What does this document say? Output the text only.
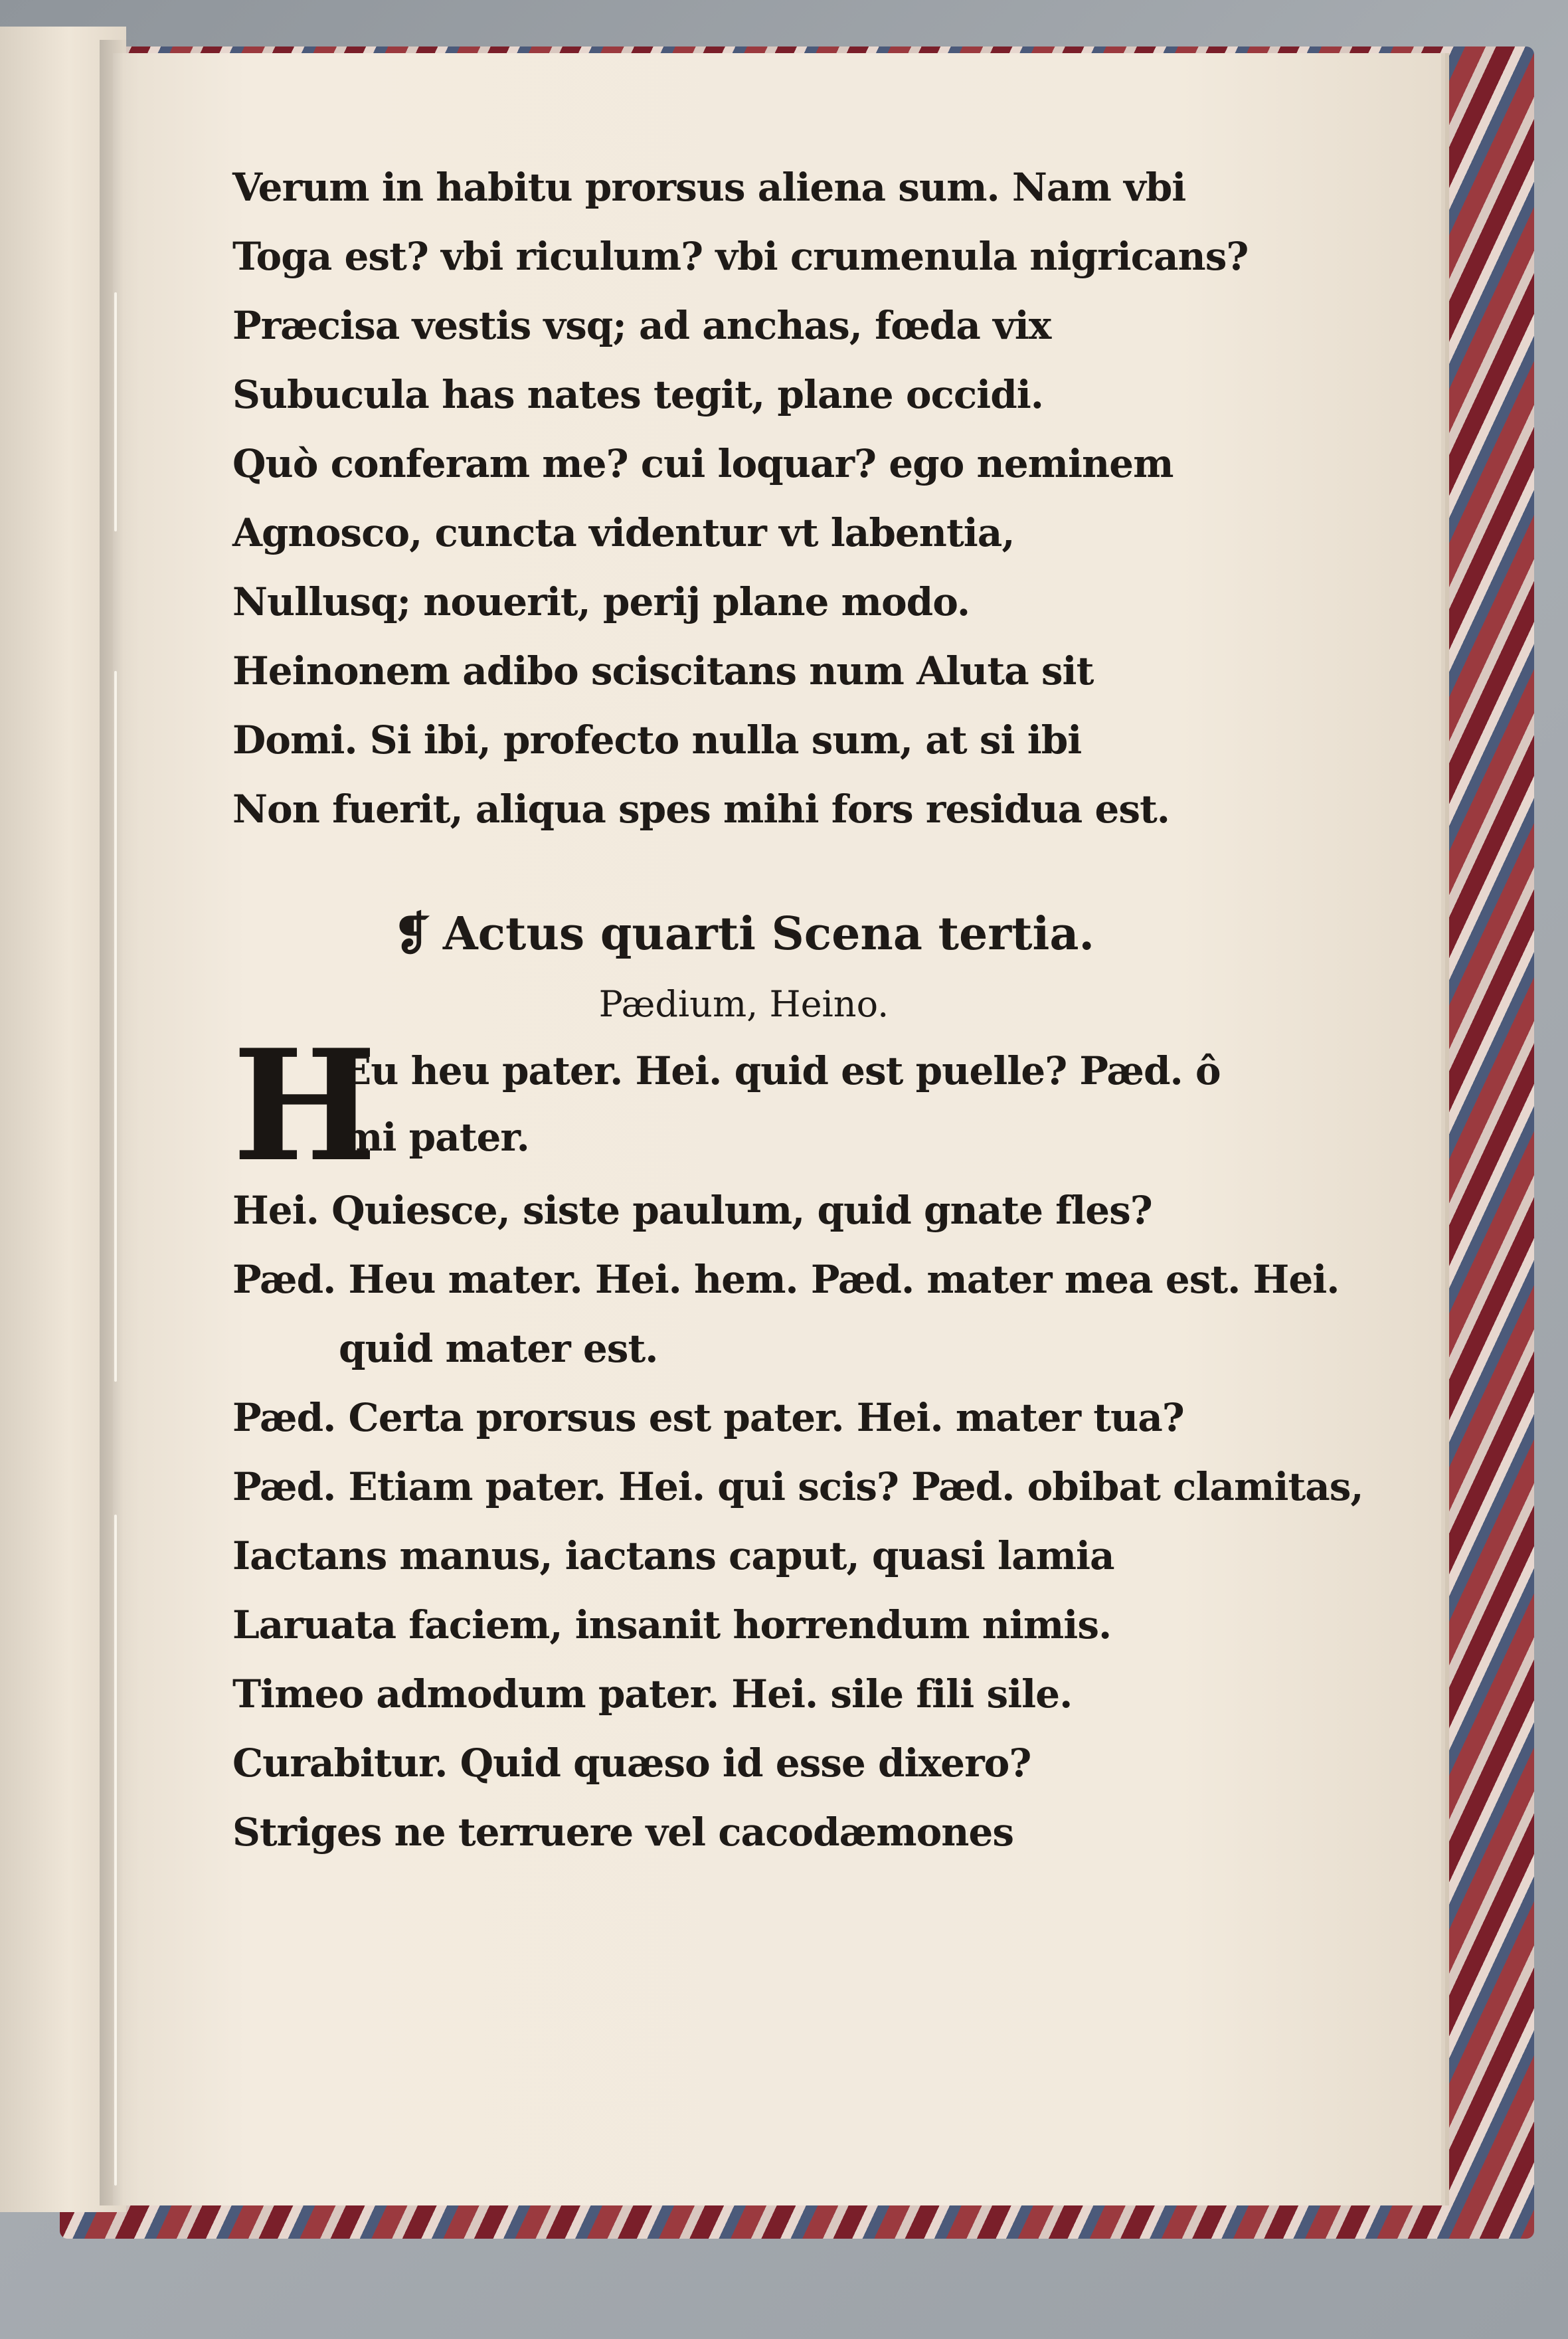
Verum in habitu prorsus aliena sum. Nam vbi
Toga est? vbi riculum? vbi crumenula nigricans?
Præcisa vestis vsq; ad anchas, fœda vix
Subucula has nates tegit, plane occidi.
Quò conferam me? cui loquar? ego neminem
Agnosco, cuncta videntur vt labentia,
Nullusq; nouerit, perij plane modo.
Heinonem adibo sciscitans num Aluta sit
Domi. Si ibi, profecto nulla sum, at si ibi
Non fuerit, aliqua spes mihi fors residua est.
❡ Actus quarti Scena tertia.
Pædium, Heino.
H
Eu heu pater. Hei. quid est puelle? Pæd. ô
mi pater.
Hei. Quiesce, siste paulum, quid gnate fles?
Pæd. Heu mater. Hei. hem. Pæd. mater mea est. Hei.
quid mater est.
Pæd. Certa prorsus est pater. Hei. mater tua?
Pæd. Etiam pater. Hei. qui scis? Pæd. obibat clamitas,
Iactans manus, iactans caput, quasi lamia
Laruata faciem, insanit horrendum nimis.
Timeo admodum pater. Hei. sile fili sile.
Curabitur. Quid quæso id esse dixero?
Striges ne terruere vel cacodæmones
